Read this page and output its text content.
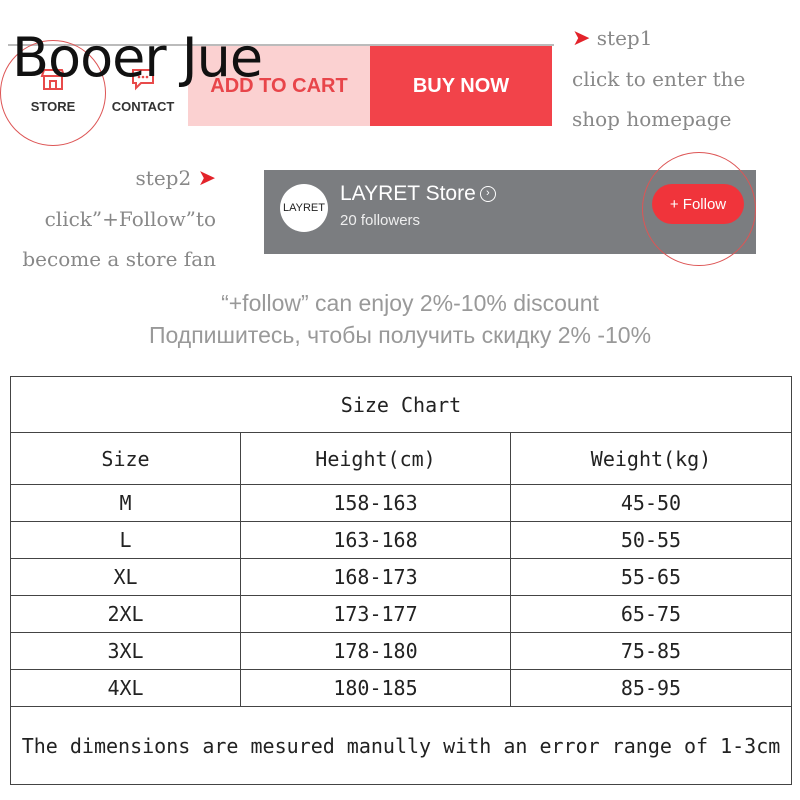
Booer Jue
STORE	CONTACT
ADD TO CART	BUY NOW
➤ step1
click to enter the
shop homepage
step2 ➤
click”+Follow”to
become a store fan
LAYRET
LAYRET Store ›
20 followers
+ Follow
“+follow” can enjoy 2%-10% discount
Подпишитесь, чтобы получить скидку 2% -10%
Size Chart		
Size	Height(cm)	Weight(kg)
M	158-163	45-50
L	163-168	50-55
XL	168-173	55-65
2XL	173-177	65-75
3XL	178-180	75-85
4XL	180-185	85-95
The dimensions are mesured manully with an error range of 1-3cm		
